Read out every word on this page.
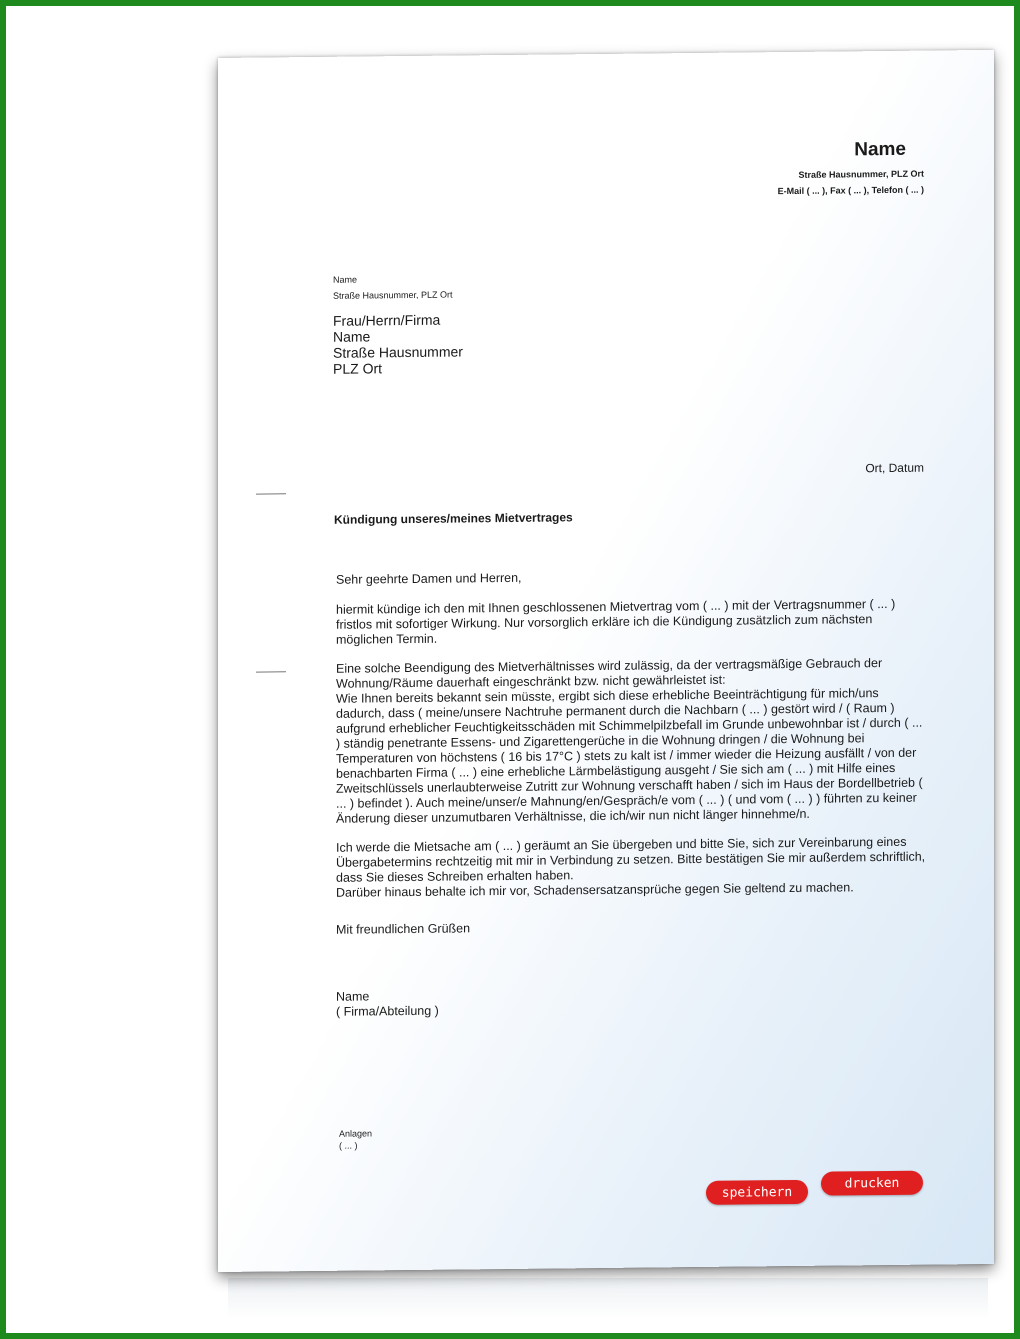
Name
Straße Hausnummer, PLZ Ort
E-Mail ( ... ), Fax ( ... ), Telefon ( ... )
Name
Straße Hausnummer, PLZ Ort
Frau/Herrn/Firma
Name
Straße Hausnummer
PLZ Ort
Ort, Datum
Kündigung unseres/meines Mietvertrages
Sehr geehrte Damen und Herren,

hiermit kündige ich den mit Ihnen geschlossenen Mietvertrag vom ( ... ) mit der Vertragsnummer ( ... ) fristlos mit sofortiger Wirkung. Nur vorsorglich erkläre ich die Kündigung zusätzlich zum nächsten möglichen Termin.

Eine solche Beendigung des Mietverhältnisses wird zulässig, da der vertragsmäßige Gebrauch der Wohnung/Räume dauerhaft eingeschränkt bzw. nicht gewährleistet ist:

Wie Ihnen bereits bekannt sein müsste, ergibt sich diese erhebliche Beeinträchtigung für mich/uns dadurch, dass ( meine/unsere Nachtruhe permanent durch die Nachbarn ( ... ) gestört wird / ( Raum ) aufgrund erheblicher Feuchtigkeitsschäden mit Schimmelpilzbefall im Grunde unbewohnbar ist / durch ( ... ) ständig penetrante Essens- und Zigarettengerüche in die Wohnung dringen / die Wohnung bei Temperaturen von höchstens ( 16 bis 17°C ) stets zu kalt ist / immer wieder die Heizung ausfällt / von der benachbarten Firma ( ... ) eine erhebliche Lärmbelästigung ausgeht / Sie sich am ( ... ) mit Hilfe eines Zweitschlüssels unerlaubterweise Zutritt zur Wohnung verschafft haben / sich im Haus der Bordellbetrieb ( ... ) befindet ). Auch meine/unser/e Mahnung/en/Gespräch/e vom ( ... ) ( und vom ( ... ) ) führten zu keiner Änderung dieser unzumutbaren Verhältnisse, die ich/wir nun nicht länger hinnehme/n.

Ich werde die Mietsache am ( ... ) geräumt an Sie übergeben und bitte Sie, sich zur Vereinbarung eines Übergabetermins rechtzeitig mit mir in Verbindung zu setzen. Bitte bestätigen Sie mir außerdem schriftlich, dass Sie dieses Schreiben erhalten haben.

Darüber hinaus behalte ich mir vor, Schadensersatzansprüche gegen Sie geltend zu machen.

Mit freundlichen Grüßen

Name

( Firma/Abteilung )

Anlagen
( ... )
speichern
drucken
